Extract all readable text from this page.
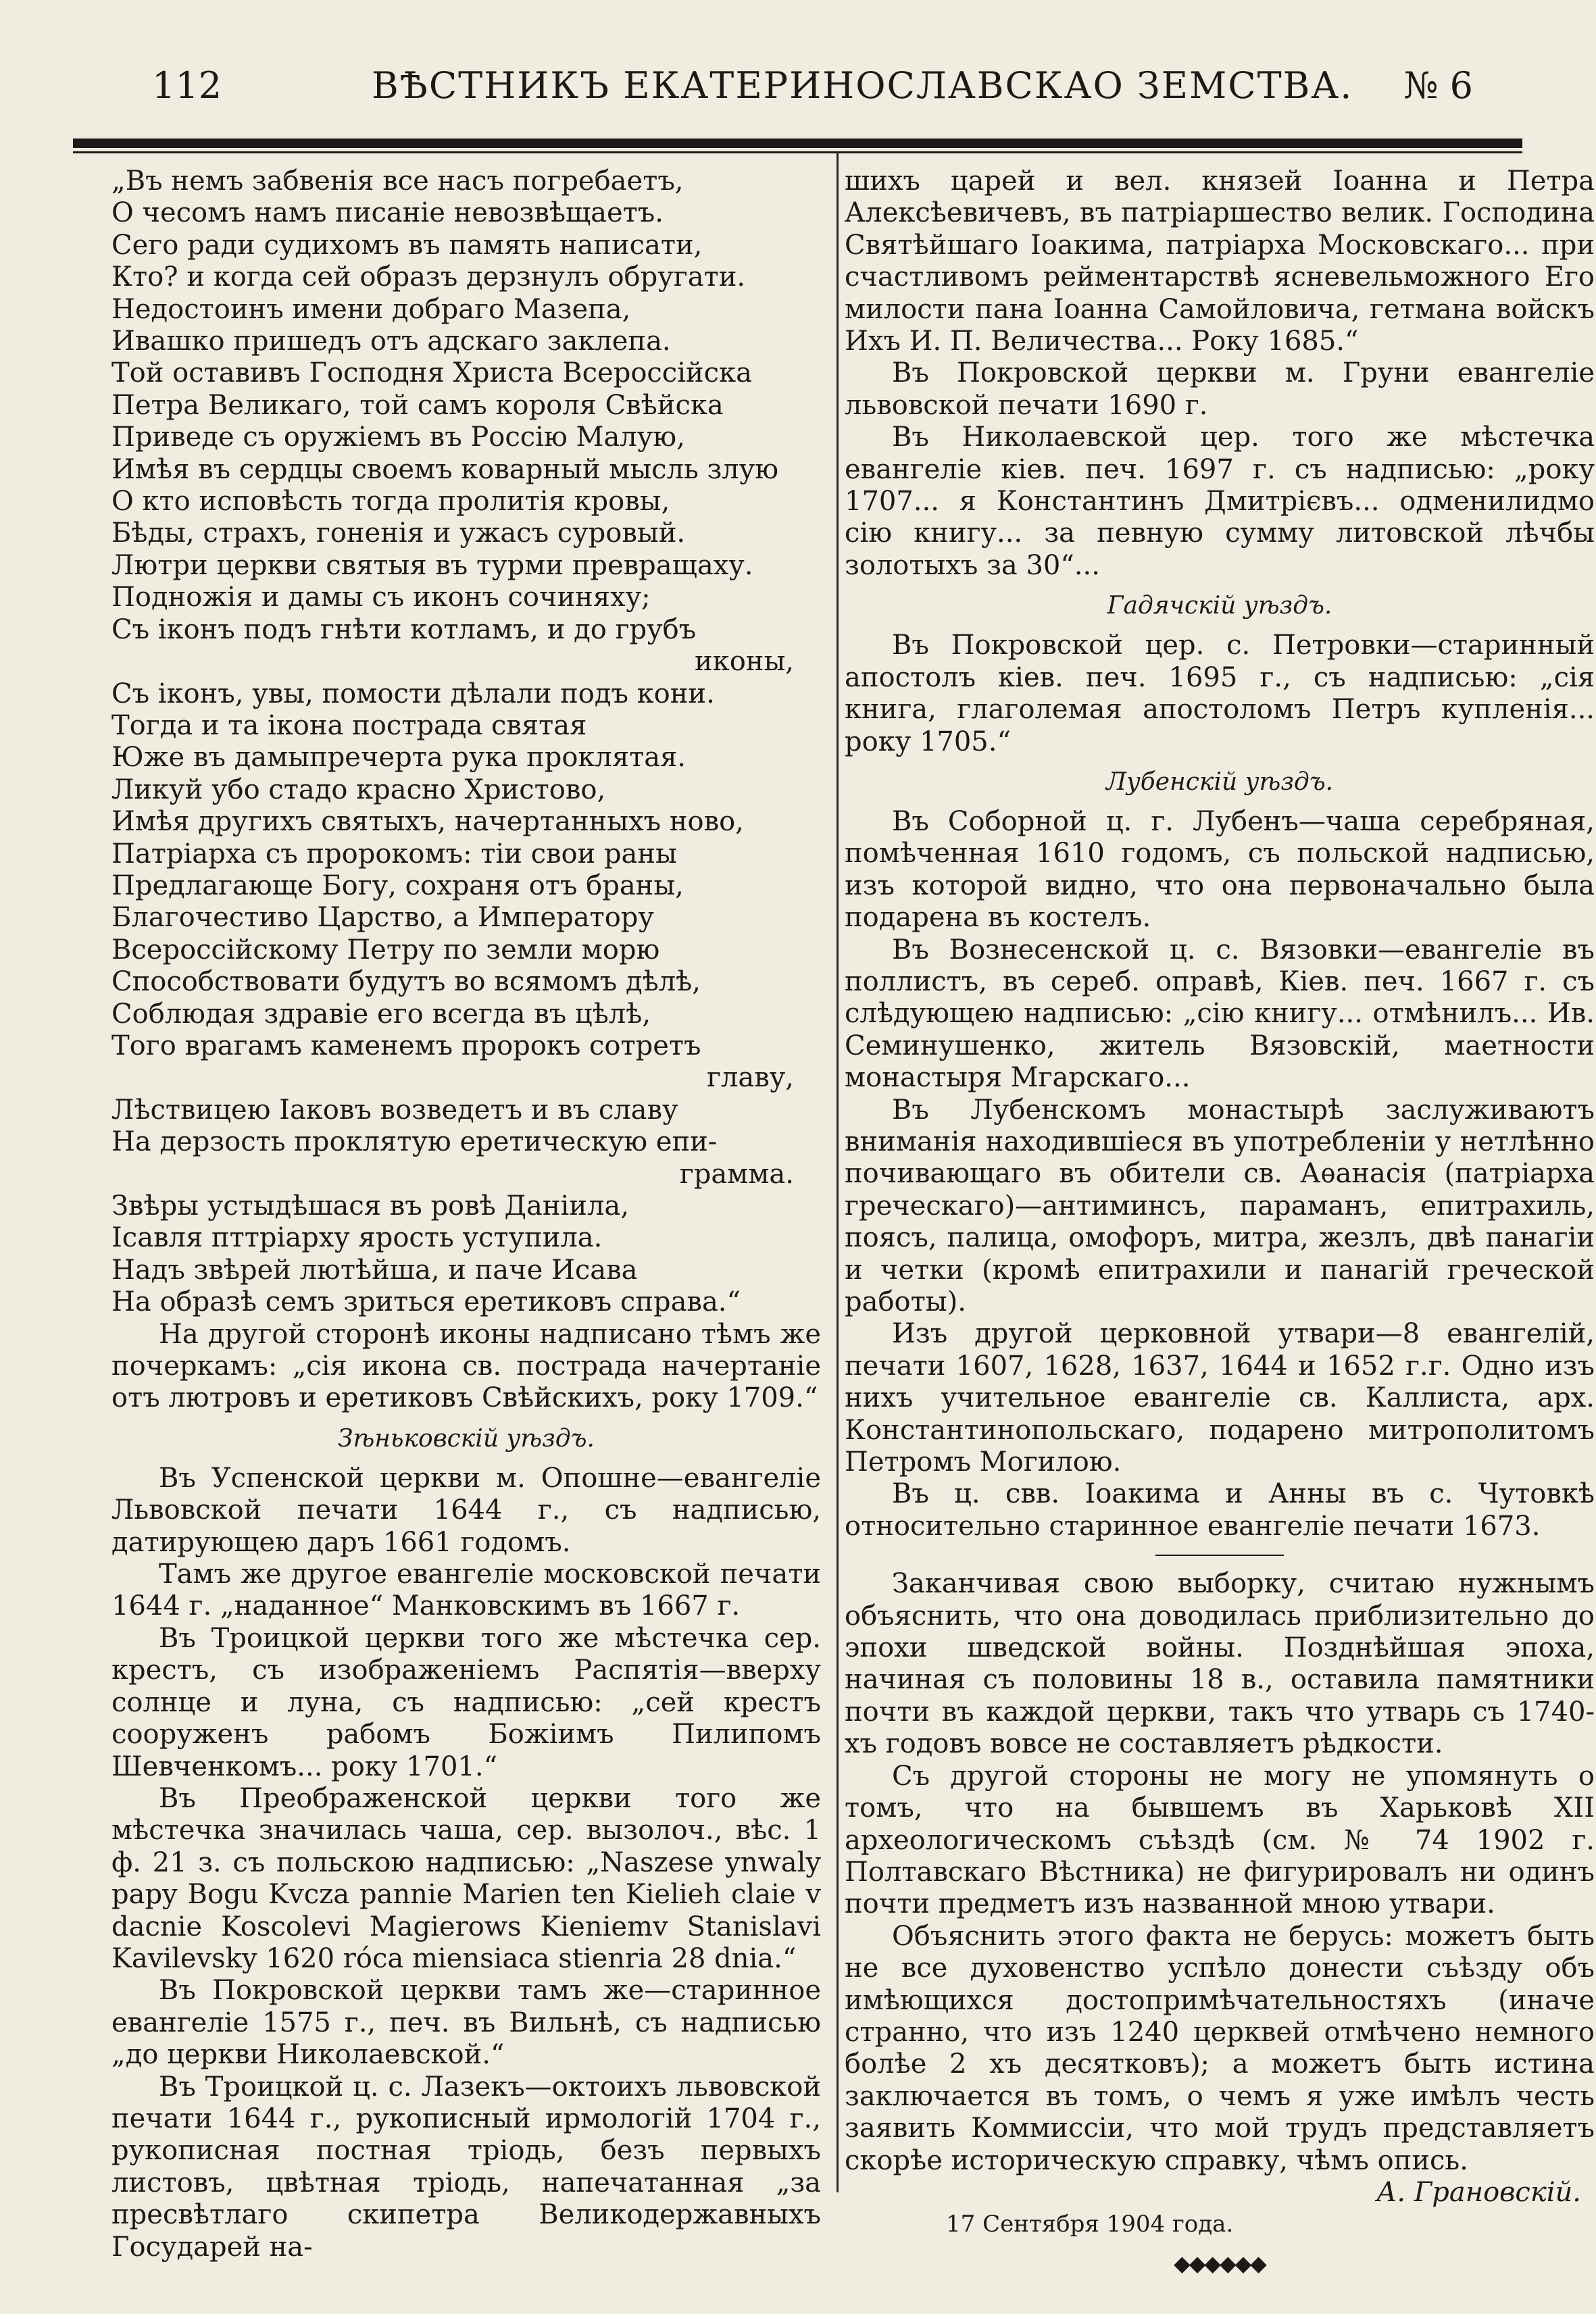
112	ВѢСТНИКЪ ЕКАТЕРИНОСЛАВСКАО ЗЕМСТВА. № 6

„Въ немъ забвенія все насъ погребаетъ,

О чесомъ намъ писаніе невозвѣщаетъ.

Сего ради судихомъ въ память написати,

Кто? и когда сей образъ дерзнулъ обругати.

Недостоинъ имени добраго Мазепа,

Ивашко пришедъ отъ адскаго заклепа.

Той оставивъ Господня Христа Всероссійска

Петра Великаго, той самъ короля Свѣйска

Приведе съ оружіемъ въ Россію Малую,

Имѣя въ сердцы своемъ коварный мысль злую

О кто исповѣсть тогда пролитія кровы,

Бѣды, страхъ, гоненія и ужасъ суровый.

Лютри церкви святыя въ турми превращаху.

Подножія и дамы съ иконъ сочиняху;

Съ іконъ подъ гнѣти котламъ, и до грубъ

иконы,

Съ іконъ, увы, помости дѣлали подъ кони.

Тогда и та ікона пострада святая

Юже въ дамыпречерта рука проклятая.

Ликуй убо стадо красно Христово,

Имѣя другихъ святыхъ, начертанныхъ ново,

Патріарха съ пророкомъ: тіи свои раны

Предлагающе Богу, сохраня отъ браны,

Благочестиво Царство, а Императору

Всероссійскому Петру по земли морю

Способствовати будутъ во всямомъ дѣлѣ,

Соблюдая здравіе его всегда въ цѣлѣ,

Того врагамъ каменемъ пророкъ сотретъ

главу,

Лѣствицею Іаковъ возведетъ и въ славу

На дерзость проклятую еретическую епи-

грамма.

Звѣры устыдѣшася въ ровѣ Даніила,

Ісавля пттріарху ярость уступила.

Надъ звѣрей лютѣйша, и паче Исава

На образѣ семъ зриться еретиковъ справа.“

На другой сторонѣ иконы надписано тѣмъ же почеркамъ: „сія икона св. пострада начертаніе отъ лютровъ и еретиковъ Свѣйскихъ, року 1709.“

Зѣньковскій уѣздъ.

Въ Успенской церкви м. Опошне—евангеліе Львовской печати 1644 г., съ надписью, датирующею даръ 1661 годомъ.

Тамъ же другое евангеліе московской печати 1644 г. „наданное“ Манковскимъ въ 1667 г.

Въ Троицкой церкви того же мѣстечка сер. крестъ, съ изображеніемъ Распятія—вверху солнце и луна, съ надписью: „сей крестъ сооруженъ рабомъ Божіимъ Пилипомъ Шевченкомъ... року 1701.“

Въ Преображенской церкви того же мѣстечка значилась чаша, сер. вызолоч., вѣс. 1 ф. 21 з. съ польскою надписью: „Naszese ynwaly papy Bogu Kvcza pannie Marien ten Kielieh claie v dacnie Koscolevi Magierows Kieniemv Stanislavi Kavilevsky 1620 róca miensiaca stienria 28 dnia.“

Въ Покровской церкви тамъ же—старинное евангеліе 1575 г., печ. въ Вильнѣ, съ надписью „до церкви Николаевской.“

Въ Троицкой ц. с. Лазекъ—октоихъ львовской печати 1644 г., рукописный ирмологій 1704 г., рукописная постная тріодь, безъ первыхъ листовъ, цвѣтная тріодь, напечатанная „за пресвѣтлаго скипетра Великодержавныхъ Государей на-

шихъ царей и вел. князей Іоанна и Петра Алексѣевичевъ, въ патріаршество велик. Господина Святѣйшаго Іоакима, патріарха Московскаго... при счастливомъ рейментарствѣ ясневельможного Его милости пана Іоанна Самойловича, гетмана войскъ Ихъ И. П. Величества... Року 1685.“

Въ Покровской церкви м. Груни евангеліе львовской печати 1690 г.

Въ Николаевской цер. того же мѣстечка евангеліе кіев. печ. 1697 г. съ надписью: „року 1707... я Константинъ Дмитрієвъ... одменилидмо сію книгу... за певную сумму литовской лѣчбы золотыхъ за 30“...

Гадячскій уѣздъ.

Въ Покровской цер. с. Петровки—старинный апостолъ кіев. печ. 1695 г., съ надписью: „сія книга, глаголемая апостоломъ Петръ купленія... року 1705.“

Лубенскій уѣздъ.

Въ Соборной ц. г. Лубенъ—чаша серебряная, помѣченная 1610 годомъ, съ польской надписью, изъ которой видно, что она первоначально была подарена въ костелъ.

Въ Вознесенской ц. с. Вязовки—евангеліе въ поллистъ, въ сереб. оправѣ, Кіев. печ. 1667 г. съ слѣдующею надписью: „сію книгу... отмѣнилъ... Ив. Семинушенко, житель Вязовскій, маетности монастыря Мгарскаго...

Въ Лубенскомъ монастырѣ заслуживаютъ вниманія находившіеся въ употребленіи у нетлѣнно почивающаго въ обители св. Аѳанасія (патріарха греческаго)—антиминсъ, параманъ, епитрахиль, поясъ, палица, омофоръ, митра, жезлъ, двѣ панагіи и четки (кромѣ епитрахили и панагій греческой работы).

Изъ другой церковной утвари—8 евангелій, печати 1607, 1628, 1637, 1644 и 1652 г.г. Одно изъ нихъ учительное евангеліе св. Каллиста, арх. Константинопольскаго, подарено митрополитомъ Петромъ Могилою.

Въ ц. свв. Іоакима и Анны въ с. Чутовкѣ относительно старинное евангеліе печати 1673.

Заканчивая свою выборку, считаю нужнымъ объяснить, что она доводилась приблизительно до эпохи шведской войны. Позднѣйшая эпоха, начиная съ половины 18 в., оставила памятники почти въ каждой церкви, такъ что утварь съ 1740-хъ годовъ вовсе не составляетъ рѣдкости.

Съ другой стороны не могу не упомянуть о томъ, что на бывшемъ въ Харьковѣ XII археологическомъ съѣздѣ (см. № 74 1902 г. Полтавскаго Вѣстника) не фигурировалъ ни одинъ почти предметъ изъ названной мною утвари.

Объяснить этого факта не берусь: можетъ быть не все духовенство успѣло донести съѣзду объ имѣющихся достопримѣчательностяхъ (иначе странно, что изъ 1240 церквей отмѣчено немного болѣе 2 хъ десятковъ); а можетъ быть истина заключается въ томъ, о чемъ я уже имѣлъ честь заявить Коммиссіи, что мой трудъ представляетъ скорѣе историческую справку, чѣмъ опись.

А. Грановскій.

17 Сентября 1904 года.

◆◆◆◆◆◆
